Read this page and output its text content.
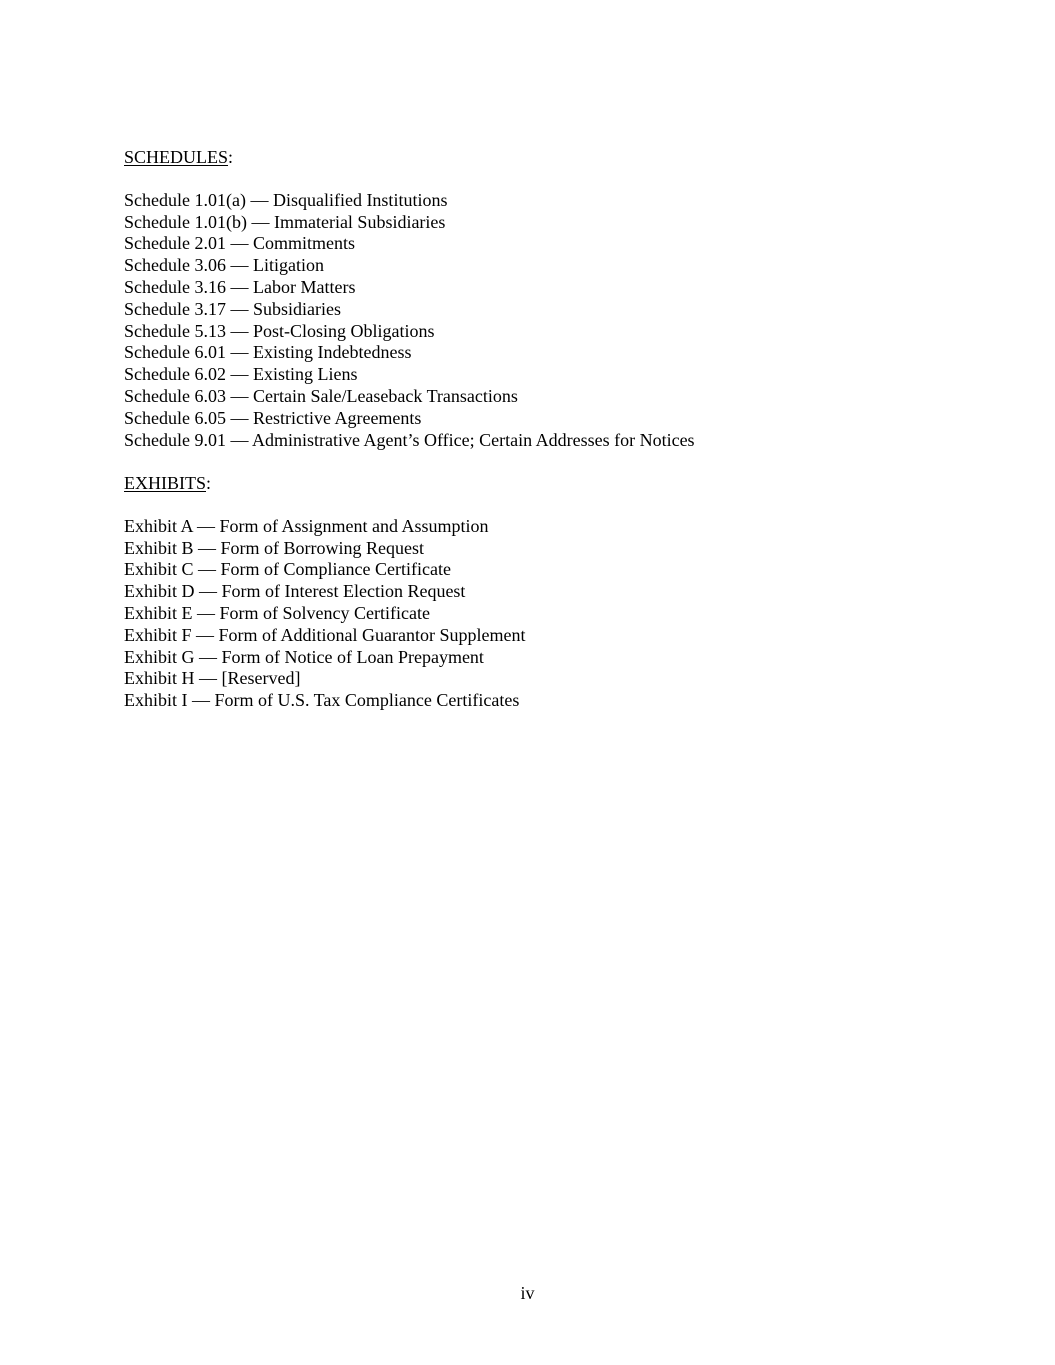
SCHEDULES:

Schedule 1.01(a) — Disqualified Institutions
Schedule 1.01(b) — Immaterial Subsidiaries
Schedule 2.01 — Commitments
Schedule 3.06 — Litigation
Schedule 3.16 — Labor Matters
Schedule 3.17 — Subsidiaries
Schedule 5.13 — Post-Closing Obligations
Schedule 6.01 — Existing Indebtedness
Schedule 6.02 — Existing Liens
Schedule 6.03 — Certain Sale/Leaseback Transactions
Schedule 6.05 — Restrictive Agreements
Schedule 9.01 — Administrative Agent’s Office; Certain Addresses for Notices

EXHIBITS:

Exhibit A — Form of Assignment and Assumption
Exhibit B — Form of Borrowing Request
Exhibit C — Form of Compliance Certificate
Exhibit D — Form of Interest Election Request
Exhibit E — Form of Solvency Certificate
Exhibit F — Form of Additional Guarantor Supplement
Exhibit G — Form of Notice of Loan Prepayment
Exhibit H — [Reserved]
Exhibit I — Form of U.S. Tax Compliance Certificates
iv
